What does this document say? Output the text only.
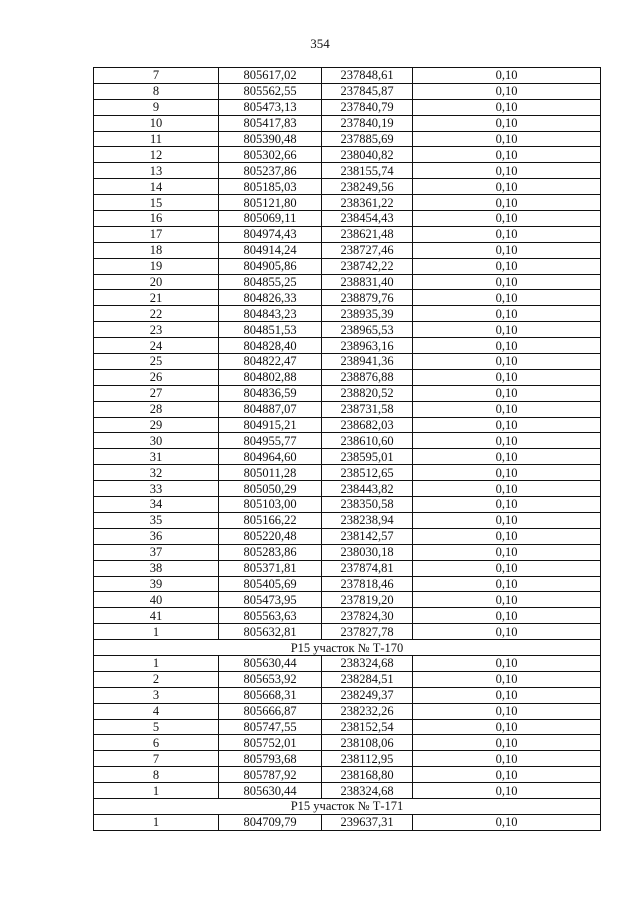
354
7	805617,02	237848,61	0,10
8	805562,55	237845,87	0,10
9	805473,13	237840,79	0,10
10	805417,83	237840,19	0,10
11	805390,48	237885,69	0,10
12	805302,66	238040,82	0,10
13	805237,86	238155,74	0,10
14	805185,03	238249,56	0,10
15	805121,80	238361,22	0,10
16	805069,11	238454,43	0,10
17	804974,43	238621,48	0,10
18	804914,24	238727,46	0,10
19	804905,86	238742,22	0,10
20	804855,25	238831,40	0,10
21	804826,33	238879,76	0,10
22	804843,23	238935,39	0,10
23	804851,53	238965,53	0,10
24	804828,40	238963,16	0,10
25	804822,47	238941,36	0,10
26	804802,88	238876,88	0,10
27	804836,59	238820,52	0,10
28	804887,07	238731,58	0,10
29	804915,21	238682,03	0,10
30	804955,77	238610,60	0,10
31	804964,60	238595,01	0,10
32	805011,28	238512,65	0,10
33	805050,29	238443,82	0,10
34	805103,00	238350,58	0,10
35	805166,22	238238,94	0,10
36	805220,48	238142,57	0,10
37	805283,86	238030,18	0,10
38	805371,81	237874,81	0,10
39	805405,69	237818,46	0,10
40	805473,95	237819,20	0,10
41	805563,63	237824,30	0,10
1	805632,81	237827,78	0,10
Р15 участок № Т-170			
1	805630,44	238324,68	0,10
2	805653,92	238284,51	0,10
3	805668,31	238249,37	0,10
4	805666,87	238232,26	0,10
5	805747,55	238152,54	0,10
6	805752,01	238108,06	0,10
7	805793,68	238112,95	0,10
8	805787,92	238168,80	0,10
1	805630,44	238324,68	0,10
Р15 участок № Т-171			
1	804709,79	239637,31	0,10
